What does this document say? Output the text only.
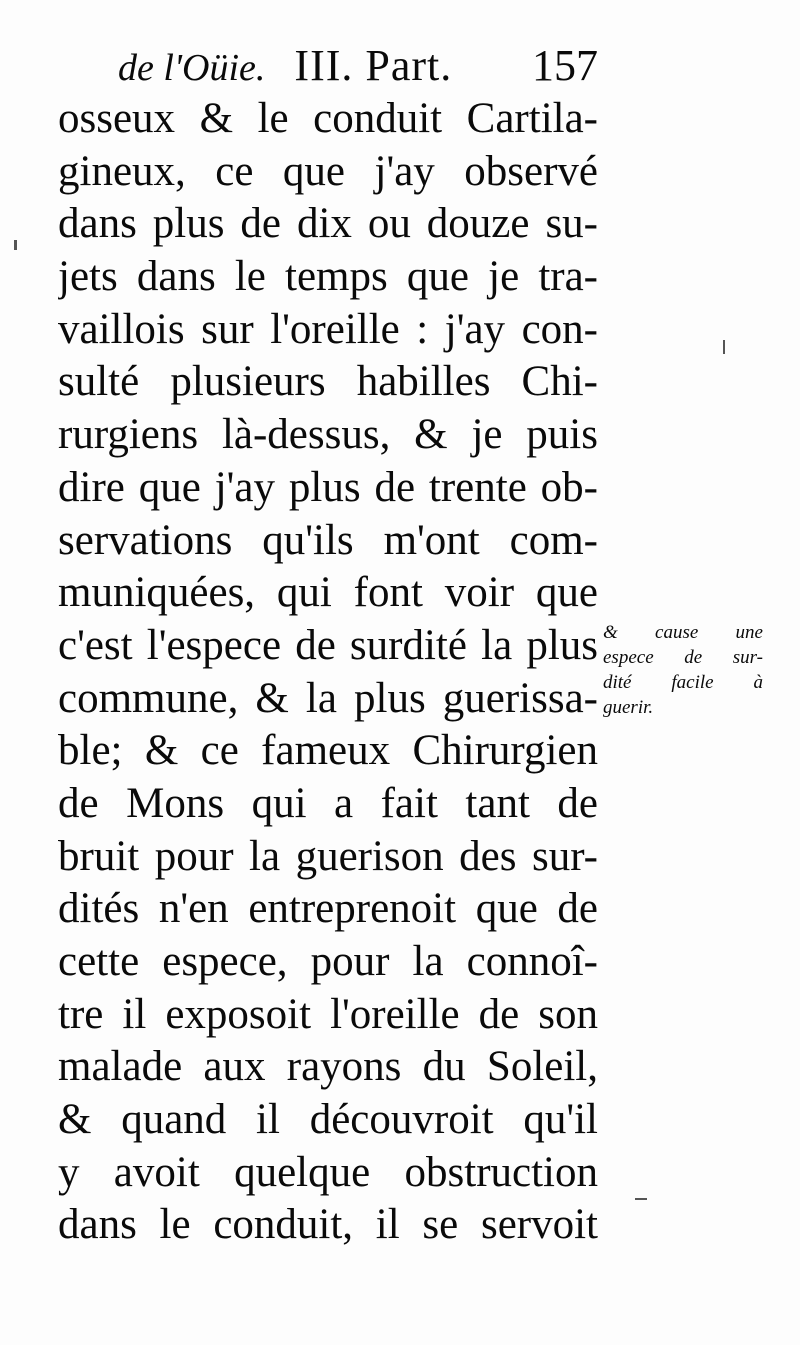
de l'Oüie. III. Part. 157
osseux & le conduit Cartila-
gineux, ce que j'ay observé
dans plus de dix ou douze su-
jets dans le temps que je tra-
vaillois sur l'oreille : j'ay con-
sulté plusieurs habilles Chi-
rurgiens là-dessus, & je puis
dire que j'ay plus de trente ob-
servations qu'ils m'ont com-
muniquées, qui font voir que
c'est l'espece de surdité la plus
commune, & la plus guerissa-
ble; & ce fameux Chirurgien
de Mons qui a fait tant de
bruit pour la guerison des sur-
dités n'en entreprenoit que de
cette espece, pour la connoî-
tre il exposoit l'oreille de son
malade aux rayons du Soleil,
& quand il découvroit qu'il
y avoit quelque obstruction
dans le conduit, il se servoit
& cause une
espece de sur-
dité facile à
guerir.
